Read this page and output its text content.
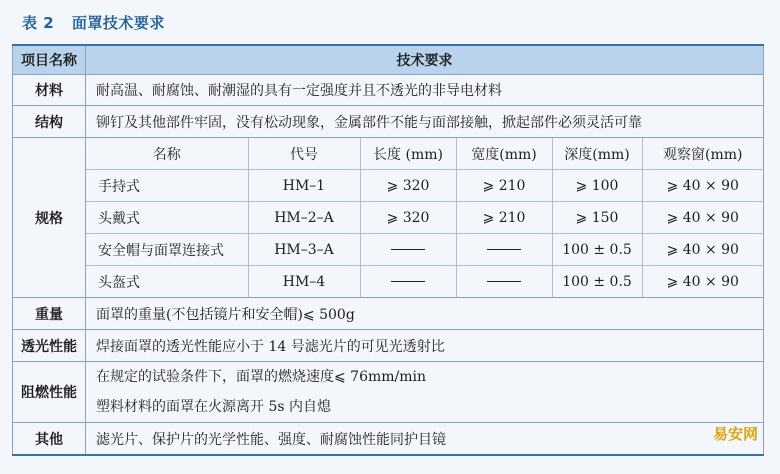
表 2 面罩技术要求
项目名称	技术要求
材料	耐高温、耐腐蚀、耐潮湿的具有一定强度并且不透光的非导电材料
结构	铆钉及其他部件牢固，没有松动现象，金属部件不能与面部接触，掀起部件必须灵活可靠
规格	
名称	代号	长度 (mm)	宽度(mm)	深度(mm)	观察窗(mm)
手持式	HM–1	⩾ 320	⩾ 210	⩾ 100	⩾ 40 × 90
头戴式	HM–2–A	⩾ 320	⩾ 210	⩾ 150	⩾ 40 × 90
安全帽与面罩连接式	HM–3–A			100 ± 0.5	⩾ 40 × 90
头盔式	HM–4			100 ± 0.5	⩾ 40 × 90

重量	面罩的重量(不包括镜片和安全帽)⩽ 500g
透光性能	焊接面罩的透光性能应小于 14 号滤光片的可见光透射比
阻燃性能	
在规定的试验条件下，面罩的燃烧速度⩽ 76mm/min
塑料材料的面罩在火源离开 5s 内自熄

其他	滤光片、保护片的光学性能、强度、耐腐蚀性能同护目镜	易安网
